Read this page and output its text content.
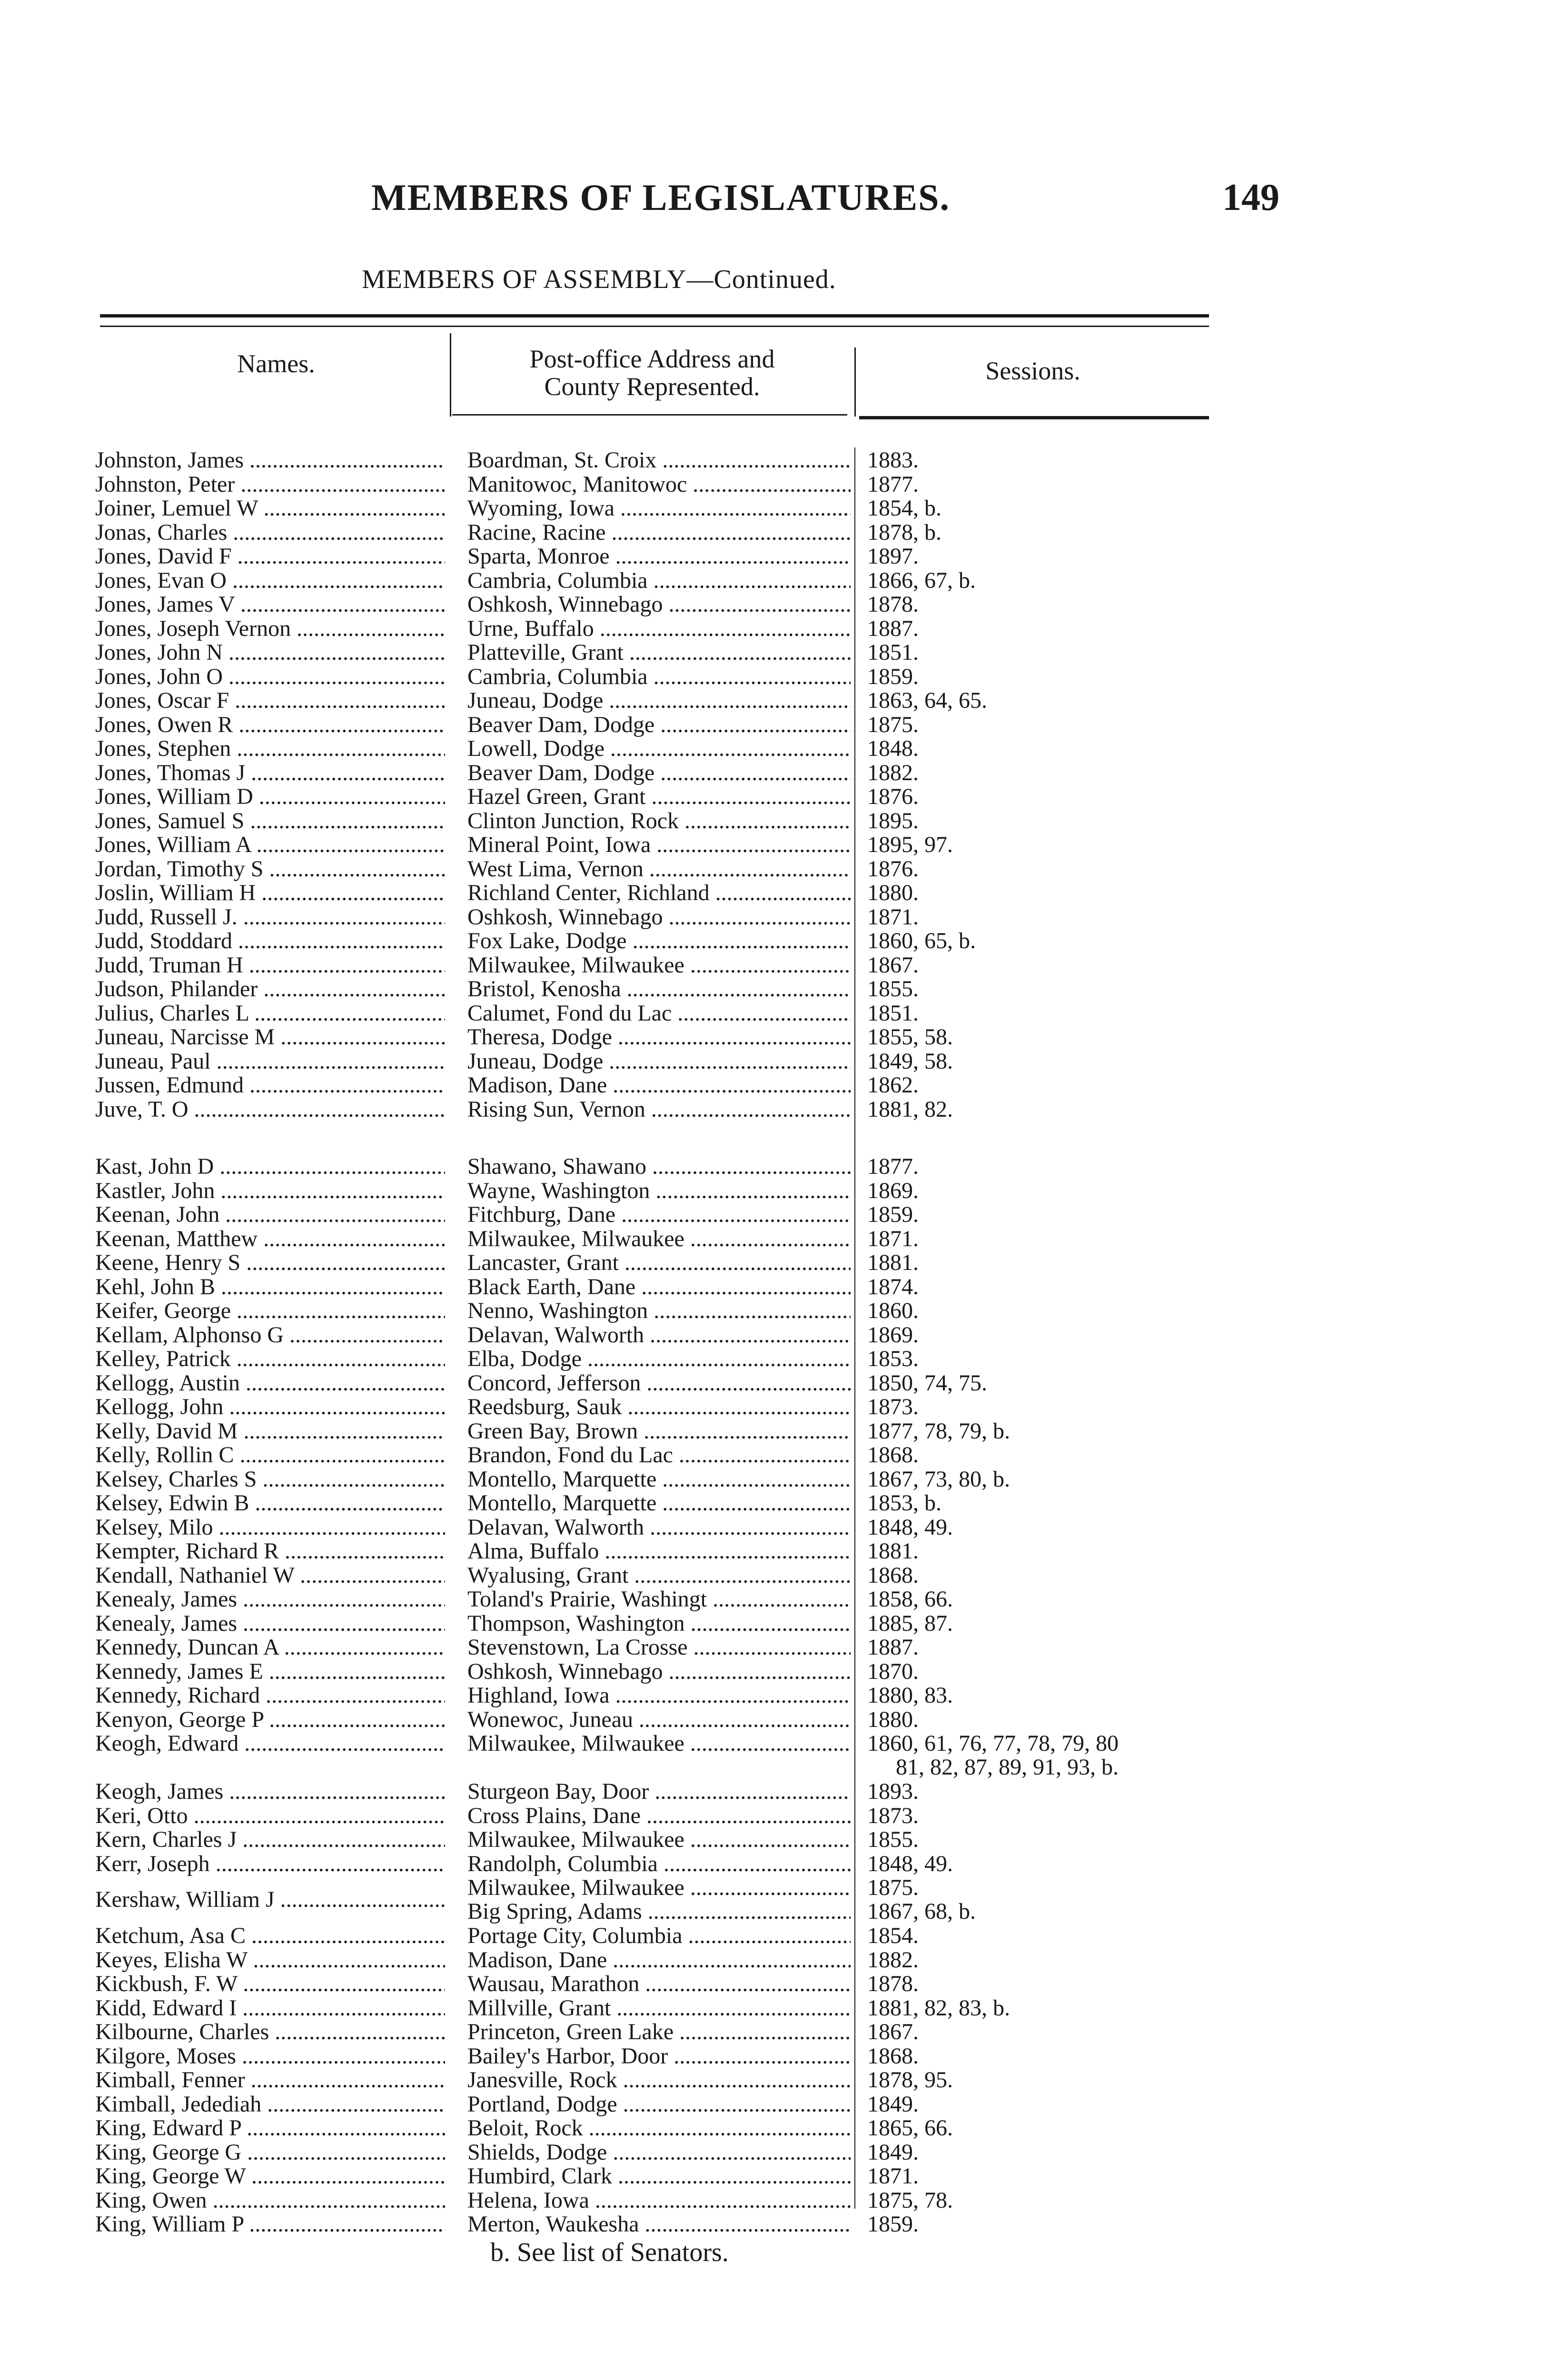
MEMBERS OF LEGISLATURES.	149
MEMBERS OF ASSEMBLY—Continued.
Names.	Post-office Address and
County Represented.
Sessions.
Johnston, James .....	Boardman, St. Croix .....	1883.
Johnston, Peter .....	Manitowoc, Manitowoc .....	1877.
Joiner, Lemuel W .....	Wyoming, Iowa .....	1854, b.
Jonas, Charles .....	Racine, Racine .....	1878, b.
Jones, David F .....	Sparta, Monroe .....	1897.
Jones, Evan O .....	Cambria, Columbia .....	1866, 67, b.
Jones, James V .....	Oshkosh, Winnebago .....	1878.
Jones, Joseph Vernon .....	Urne, Buffalo .....	1887.
Jones, John N .....	Platteville, Grant .....	1851.
Jones, John O .....	Cambria, Columbia .....	1859.
Jones, Oscar F .....	Juneau, Dodge .....	1863, 64, 65.
Jones, Owen R .....	Beaver Dam, Dodge .....	1875.
Jones, Stephen .....	Lowell, Dodge .....	1848.
Jones, Thomas J .....	Beaver Dam, Dodge .....	1882.
Jones, William D .....	Hazel Green, Grant .....	1876.
Jones, Samuel S .....	Clinton Junction, Rock .....	1895.
Jones, William A .....	Mineral Point, Iowa .....	1895, 97.
Jordan, Timothy S .....	West Lima, Vernon .....	1876.
Joslin, William H .....	Richland Center, Richland .....	1880.
Judd, Russell J. .....	Oshkosh, Winnebago .....	1871.
Judd, Stoddard .....	Fox Lake, Dodge .....	1860, 65, b.
Judd, Truman H .....	Milwaukee, Milwaukee .....	1867.
Judson, Philander .....	Bristol, Kenosha .....	1855.
Julius, Charles L .....	Calumet, Fond du Lac .....	1851.
Juneau, Narcisse M .....	Theresa, Dodge .....	1855, 58.
Juneau, Paul .....	Juneau, Dodge .....	1849, 58.
Jussen, Edmund .....	Madison, Dane .....	1862.
Juve, T. O .....	Rising Sun, Vernon .....	1881, 82.
Kast, John D .....	Shawano, Shawano .....	1877.
Kastler, John .....	Wayne, Washington .....	1869.
Keenan, John .....	Fitchburg, Dane .....	1859.
Keenan, Matthew .....	Milwaukee, Milwaukee .....	1871.
Keene, Henry S .....	Lancaster, Grant .....	1881.
Kehl, John B .....	Black Earth, Dane .....	1874.
Keifer, George .....	Nenno, Washington .....	1860.
Kellam, Alphonso G .....	Delavan, Walworth .....	1869.
Kelley, Patrick .....	Elba, Dodge .....	1853.
Kellogg, Austin .....	Concord, Jefferson .....	1850, 74, 75.
Kellogg, John .....	Reedsburg, Sauk .....	1873.
Kelly, David M .....	Green Bay, Brown .....	1877, 78, 79, b.
Kelly, Rollin C .....	Brandon, Fond du Lac .....	1868.
Kelsey, Charles S .....	Montello, Marquette .....	1867, 73, 80, b.
Kelsey, Edwin B .....	Montello, Marquette .....	1853, b.
Kelsey, Milo .....	Delavan, Walworth .....	1848, 49.
Kempter, Richard R .....	Alma, Buffalo .....	1881.
Kendall, Nathaniel W .....	Wyalusing, Grant .....	1868.
Kenealy, James .....	Toland's Prairie, Washingt .....	1858, 66.
Kenealy, James .....	Thompson, Washington .....	1885, 87.
Kennedy, Duncan A .....	Stevenstown, La Crosse .....	1887.
Kennedy, James E .....	Oshkosh, Winnebago .....	1870.
Kennedy, Richard .....	Highland, Iowa .....	1880, 83.
Kenyon, George P .....	Wonewoc, Juneau .....	1880.
Keogh, Edward .....	Milwaukee, Milwaukee .....	1860, 61, 76, 77, 78, 79, 80
81, 82, 87, 89, 91, 93, b.
Keogh, James .....	Sturgeon Bay, Door .....	1893.
Keri, Otto .....	Cross Plains, Dane .....	1873.
Kern, Charles J .....	Milwaukee, Milwaukee .....	1855.
Kerr, Joseph .....	Randolph, Columbia .....	1848, 49.
Kershaw, William J .....	Milwaukee, Milwaukee .....	1875.
Big Spring, Adams .....	1867, 68, b.
Ketchum, Asa C .....	Portage City, Columbia .....	1854.
Keyes, Elisha W .....	Madison, Dane .....	1882.
Kickbush, F. W .....	Wausau, Marathon .....	1878.
Kidd, Edward I .....	Millville, Grant .....	1881, 82, 83, b.
Kilbourne, Charles .....	Princeton, Green Lake .....	1867.
Kilgore, Moses .....	Bailey's Harbor, Door .....	1868.
Kimball, Fenner .....	Janesville, Rock .....	1878, 95.
Kimball, Jedediah .....	Portland, Dodge .....	1849.
King, Edward P .....	Beloit, Rock .....	1865, 66.
King, George G .....	Shields, Dodge .....	1849.
King, George W .....	Humbird, Clark .....	1871.
King, Owen .....	Helena, Iowa .....	1875, 78.
King, William P .....	Merton, Waukesha .....	1859.
b. See list of Senators.
